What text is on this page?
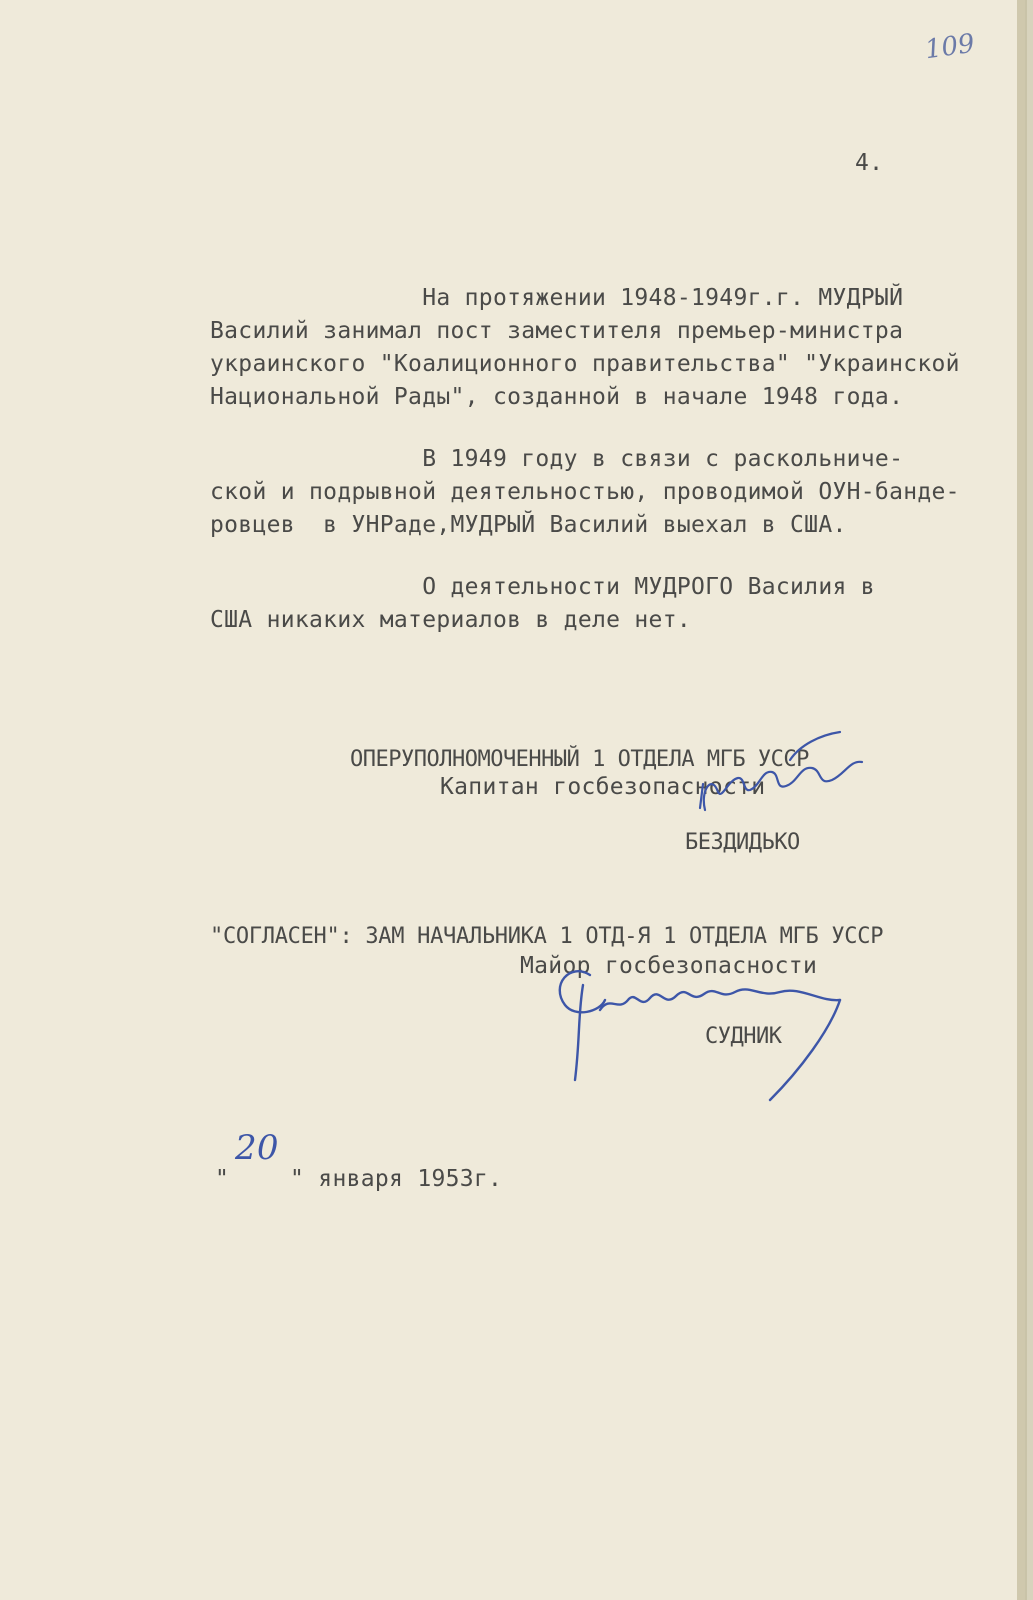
109
4.
На протяжении 1948-1949г.г. МУДРЫЙ
Василий занимал пост заместителя премьер-министра
украинского "Коалиционного правительства" "Украинской
Национальной Рады", созданной в начале 1948 года.
В 1949 году в связи с раскольниче-
ской и подрывной деятельностью, проводимой ОУН-банде-
ровцев  в УНРаде,МУДРЫЙ Василий выехал в США.
О деятельности МУДРОГО Василия в
США никаких материалов в деле нет.
ОПЕРУПОЛНОМОЧЕННЫЙ 1 ОТДЕЛА МГБ УССР
Капитан госбезопасности
БЕЗДИДЬКО
"СОГЛАСЕН": ЗАМ НАЧАЛЬНИКА 1 ОТД-Я 1 ОТДЕЛА МГБ УССР
Майор госбезопасности
СУДНИК
"
20
" января 1953г.
